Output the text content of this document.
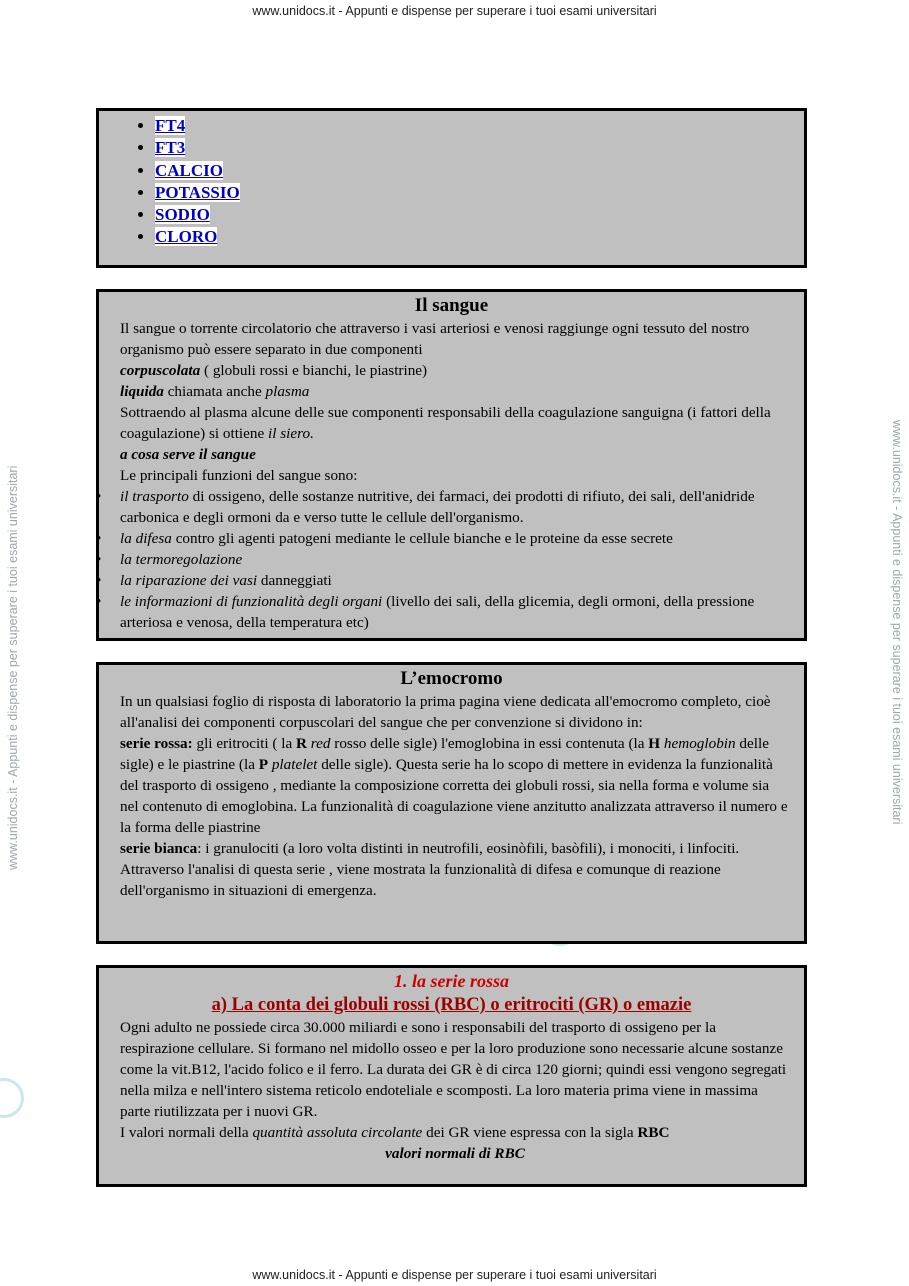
www.unidocs.it - Appunti e dispense per superare i tuoi esami universitari
www.unidocs.it - Appunti e dispense per superare i tuoi esami universitari
www.unidocs.it - Appunti e dispense per superare i tuoi esami universitari	www.unidocs.it - Appunti e dispense per superare i tuoi esami universitari
• FT4
• FT3
• CALCIO
• POTASSIO
• SODIO
• CLORO
Il sangue

Il sangue o torrente circolatorio che attraverso i vasi arteriosi e venosi raggiunge ogni tessuto del nostro organismo può essere separato in due componenti

corpuscolata ( globuli rossi e bianchi, le piastrine)

liquida chiamata anche plasma

Sottraendo al plasma alcune delle sue componenti responsabili della coagulazione sanguigna (i fattori della coagulazione) si ottiene il siero.

a cosa serve il sangue

Le principali funzioni del sangue sono:

• il trasporto di ossigeno, delle sostanze nutritive, dei farmaci, dei prodotti di rifiuto, dei sali, dell'anidride carbonica e degli ormoni da e verso tutte le cellule dell'organismo.

• la difesa contro gli agenti patogeni mediante le cellule bianche e le proteine da esse secrete

• la termoregolazione

• la riparazione dei vasi danneggiati

• le informazioni di funzionalità degli organi (livello dei sali, della glicemia, degli ormoni, della pressione arteriosa e venosa, della temperatura etc)

L’emocromo

In un qualsiasi foglio di risposta di laboratorio la prima pagina viene dedicata all'emocromo completo, cioè all'analisi dei componenti corpuscolari del sangue che per convenzione si dividono in:

serie rossa: gli eritrociti ( la R red rosso delle sigle) l'emoglobina in essi contenuta (la H hemoglobin delle sigle) e le piastrine (la P platelet delle sigle). Questa serie ha lo scopo di mettere in evidenza la funzionalità del trasporto di ossigeno , mediante la composizione corretta dei globuli rossi, sia nella forma e volume sia nel contenuto di emoglobina. La funzionalità di coagulazione viene anzitutto analizzata attraverso il numero e la forma delle piastrine

serie bianca: i granulociti (a loro volta distinti in neutrofili, eosinòfili, basòfili), i monociti, i linfociti. Attraverso l'analisi di questa serie , viene mostrata la funzionalità di difesa e comunque di reazione dell'organismo in situazioni di emergenza.

1. la serie rossa
a) La conta dei globuli rossi (RBC) o eritrociti (GR) o emazie

Ogni adulto ne possiede circa 30.000 miliardi e sono i responsabili del trasporto di ossigeno per la respirazione cellulare. Si formano nel midollo osseo e per la loro produzione sono necessarie alcune sostanze come la vit.B12, l'acido folico e il ferro. La durata dei GR è di circa 120 giorni; quindi essi vengono segregati nella milza e nell'intero sistema reticolo endoteliale e scomposti. La loro materia prima viene in massima parte riutilizzata per i nuovi GR.

I valori normali della quantità assoluta circolante dei GR viene espressa con la sigla RBC

valori normali di RBC
